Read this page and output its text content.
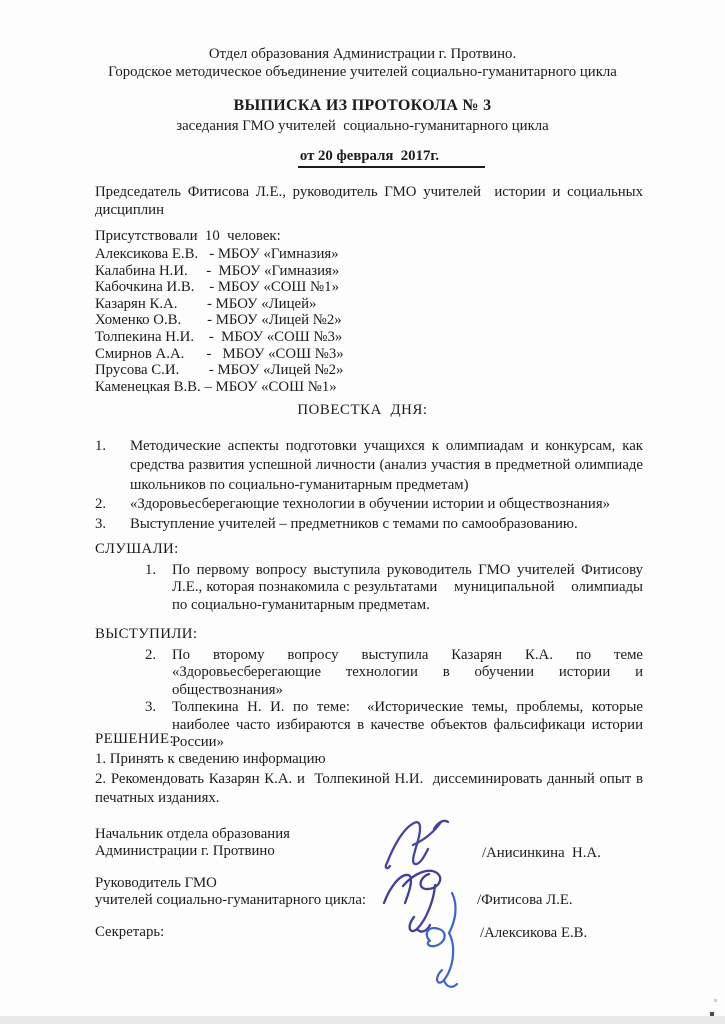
Отдел образования Администрации г. Протвино.
Городское методическое объединение учителей социально-гуманитарного цикла
ВЫПИСКА ИЗ ПРОТОКОЛА № 3
заседания ГМО учителей  социально-гуманитарного цикла
от 20 февраля  2017г.
Председатель Фитисова Л.Е., руководитель ГМО учителей  истории и социальных дисциплин
Присутствовали  10  человек:
Алексикова Е.В.   - МБОУ «Гимназия»
Калабина Н.И.     -  МБОУ «Гимназия»
Кабочкина И.В.    - МБОУ «СОШ №1»
Казарян К.А.        - МБОУ «Лицей»
Хоменко О.В.       - МБОУ «Лицей №2»
Толпекина Н.И.    -  МБОУ «СОШ №3»
Смирнов А.А.      -   МБОУ «СОШ №3»
Прусова С.И.        - МБОУ «Лицей №2»
Каменецкая В.В. – МБОУ «СОШ №1»
ПОВЕСТКА  ДНЯ:
1.	Методические аспекты подготовки учащихся к олимпиадам и конкурсам, как средства развития успешной личности (анализ участия в предметной олимпиаде школьников по социально-гуманитарным предметам)
2.	«Здоровьесберегающие технологии в обучении истории и обществознания»
3.	Выступление учителей – предметников с темами по самообразованию.
СЛУШАЛИ:
1.	По первому вопросу выступила руководитель ГМО учителей Фитисову Л.Е., которая познакомила с результатами    муниципальной    олимпиады по социально-гуманитарным предметам.
ВЫСТУПИЛИ:
2.	По второму вопросу выступила Казарян К.А. по теме «Здоровьесберегающие технологии в обучении истории и обществознания»
3.	Толпекина Н. И. по теме:  «Исторические темы, проблемы, которые наиболее часто избираются в качестве объектов фальсификаци истории России»
РЕШЕНИЕ:
1. Принять к сведению информацию
2. Рекомендовать Казарян К.А. и  Толпекиной Н.И.  диссеминировать данный опыт в печатных изданиях.
Начальник отдела образования
Администрации г. Протвино	/Анисинкина  Н.А.
Руководитель ГМО
учителей социально-гуманитарного цикла:	/Фитисова Л.Е.
Секретарь:	/Алексикова Е.В.
